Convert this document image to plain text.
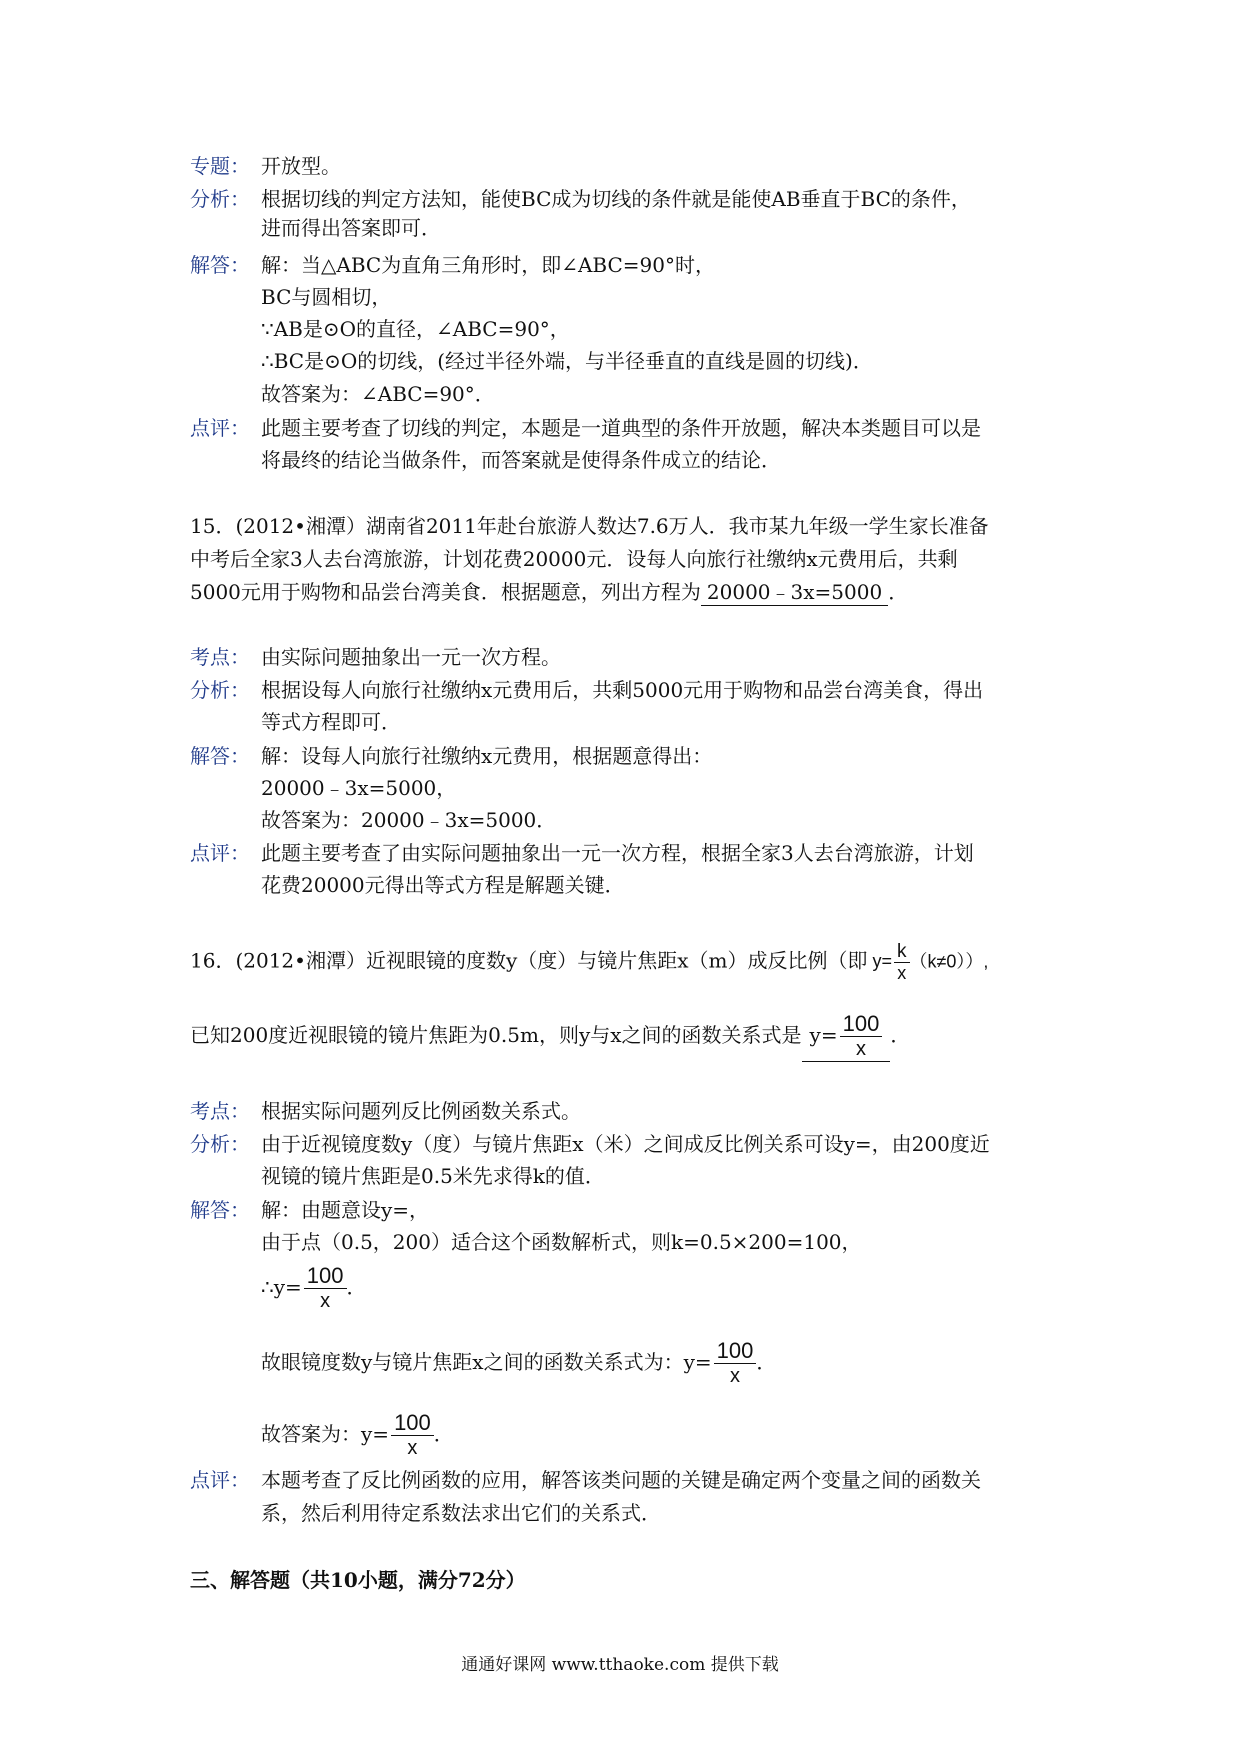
专题： 开放型。
分析： 根据切线的判定方法知，能使BC成为切线的条件就是能使AB垂直于BC的条件，
进而得出答案即可．
解答： 解：当△ABC为直角三角形时，即∠ABC=90°时，
BC与圆相切，
∵AB是⊙O的直径，∠ABC=90°，
∴BC是⊙O的切线，(经过半径外端，与半径垂直的直线是圆的切线)．
故答案为：∠ABC=90°．
点评： 此题主要考查了切线的判定，本题是一道典型的条件开放题，解决本类题目可以是
将最终的结论当做条件，而答案就是使得条件成立的结论．
15．(2012•湘潭）湖南省2011年赴台旅游人数达7.6万人．我市某九年级一学生家长准备
中考后全家3人去台湾旅游，计划花费20000元．设每人向旅行社缴纳x元费用后，共剩
5000元用于购物和品尝台湾美食．根据题意，列出方程为 20000﹣3x=5000 ．
考点： 由实际问题抽象出一元一次方程。
分析： 根据设每人向旅行社缴纳x元费用后，共剩5000元用于购物和品尝台湾美食，得出
等式方程即可．
解答： 解：设每人向旅行社缴纳x元费用，根据题意得出：
20000﹣3x=5000，
故答案为：20000﹣3x=5000．
点评： 此题主要考查了由实际问题抽象出一元一次方程，根据全家3人去台湾旅游，计划
花费20000元得出等式方程是解题关键．
16．(2012•湘潭）近视眼镜的度数y（度）与镜片焦距x（m）成反比例（即 $y= \frac{k}{x} (k\ne 0)$）,
已知200度近视眼镜的镜片焦距为0.5m，则y与x之间的函数关系式是 $y= \frac{100}{x}$ ．
考点： 根据实际问题列反比例函数关系式。
分析： 由于近视镜度数y（度）与镜片焦距x（米）之间成反比例关系可设y=，由200度近
视镜的镜片焦距是0.5米先求得k的值．
解答： 解：由题意设y=，
由于点（0.5，200）适合这个函数解析式，则k=0.5×200=100，
∴y= $\frac{100}{x}$ ．
故眼镜度数y与镜片焦距x之间的函数关系式为：$y= \frac{100}{x}$ ．
故答案为：$y= \frac{100}{x}$ ．
点评： 本题考查了反比例函数的应用，解答该类问题的关键是确定两个变量之间的函数关
系，然后利用待定系数法求出它们的关系式．
三、解答题（共10小题，满分72分）
通通好课网 www.tthaoke.com 提供下载
